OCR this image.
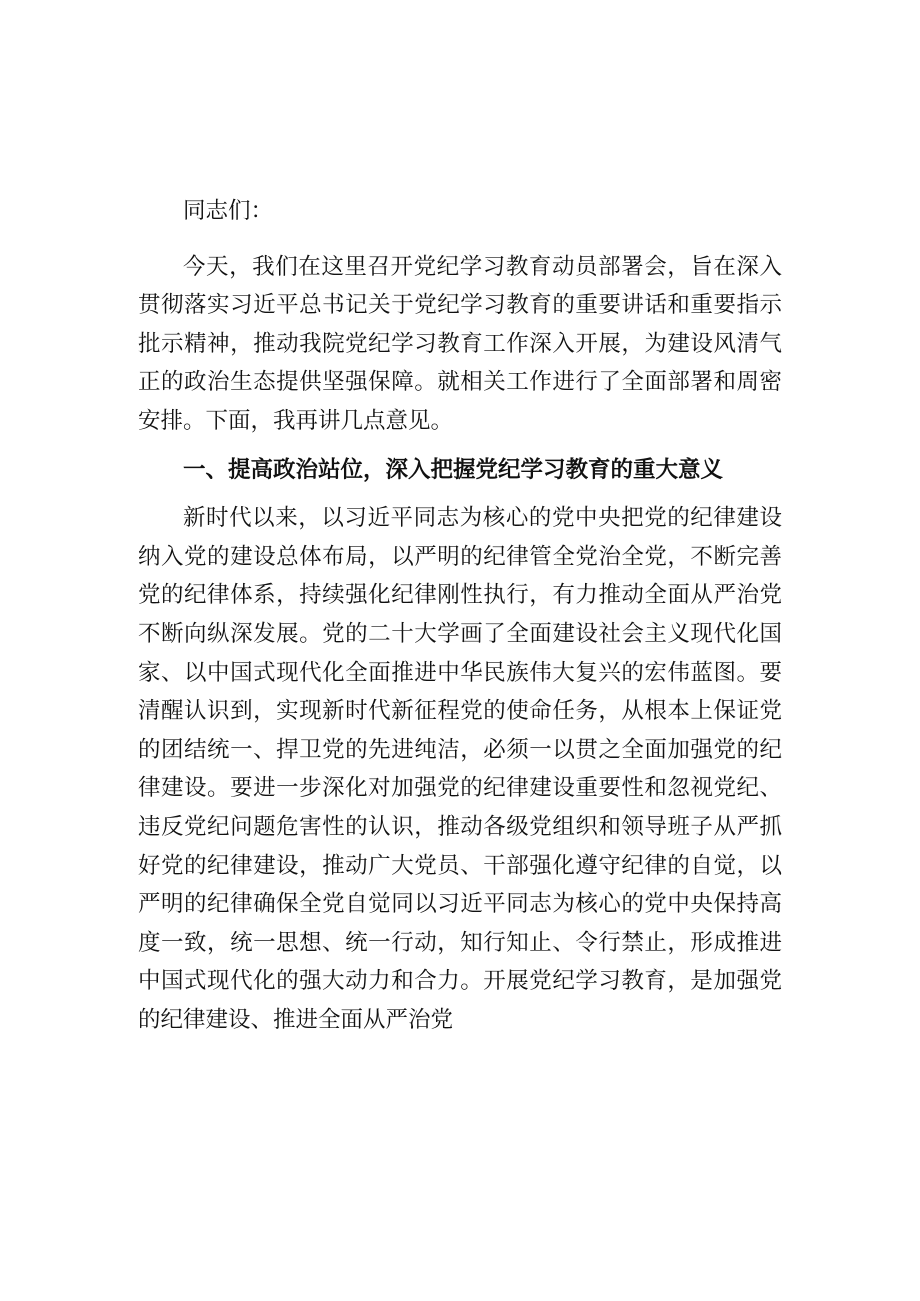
同志们：

今天，我们在这里召开党纪学习教育动员部署会，旨在深入贯彻落实习近平总书记关于党纪学习教育的重要讲话和重要指示批示精神，推动我院党纪学习教育工作深入开展，为建设风清气正的政治生态提供坚强保障。就相关工作进行了全面部署和周密安排。下面，我再讲几点意见。

一、提高政治站位，深入把握党纪学习教育的重大意义

新时代以来，以习近平同志为核心的党中央把党的纪律建设纳入党的建设总体布局，以严明的纪律管全党治全党，不断完善党的纪律体系，持续强化纪律刚性执行，有力推动全面从严治党不断向纵深发展。党的二十大学画了全面建设社会主义现代化国家、以中国式现代化全面推进中华民族伟大复兴的宏伟蓝图。要清醒认识到，实现新时代新征程党的使命任务，从根本上保证党的团结统一、捍卫党的先进纯洁，必须一以贯之全面加强党的纪律建设。要进一步深化对加强党的纪律建设重要性和忽视党纪、违反党纪问题危害性的认识，推动各级党组织和领导班子从严抓好党的纪律建设，推动广大党员、干部强化遵守纪律的自觉，以严明的纪律确保全党自觉同以习近平同志为核心的党中央保持高度一致，统一思想、统一行动，知行知止、令行禁止，形成推进中国式现代化的强大动力和合力。开展党纪学习教育，是加强党的纪律建设、推进全面从严治党
